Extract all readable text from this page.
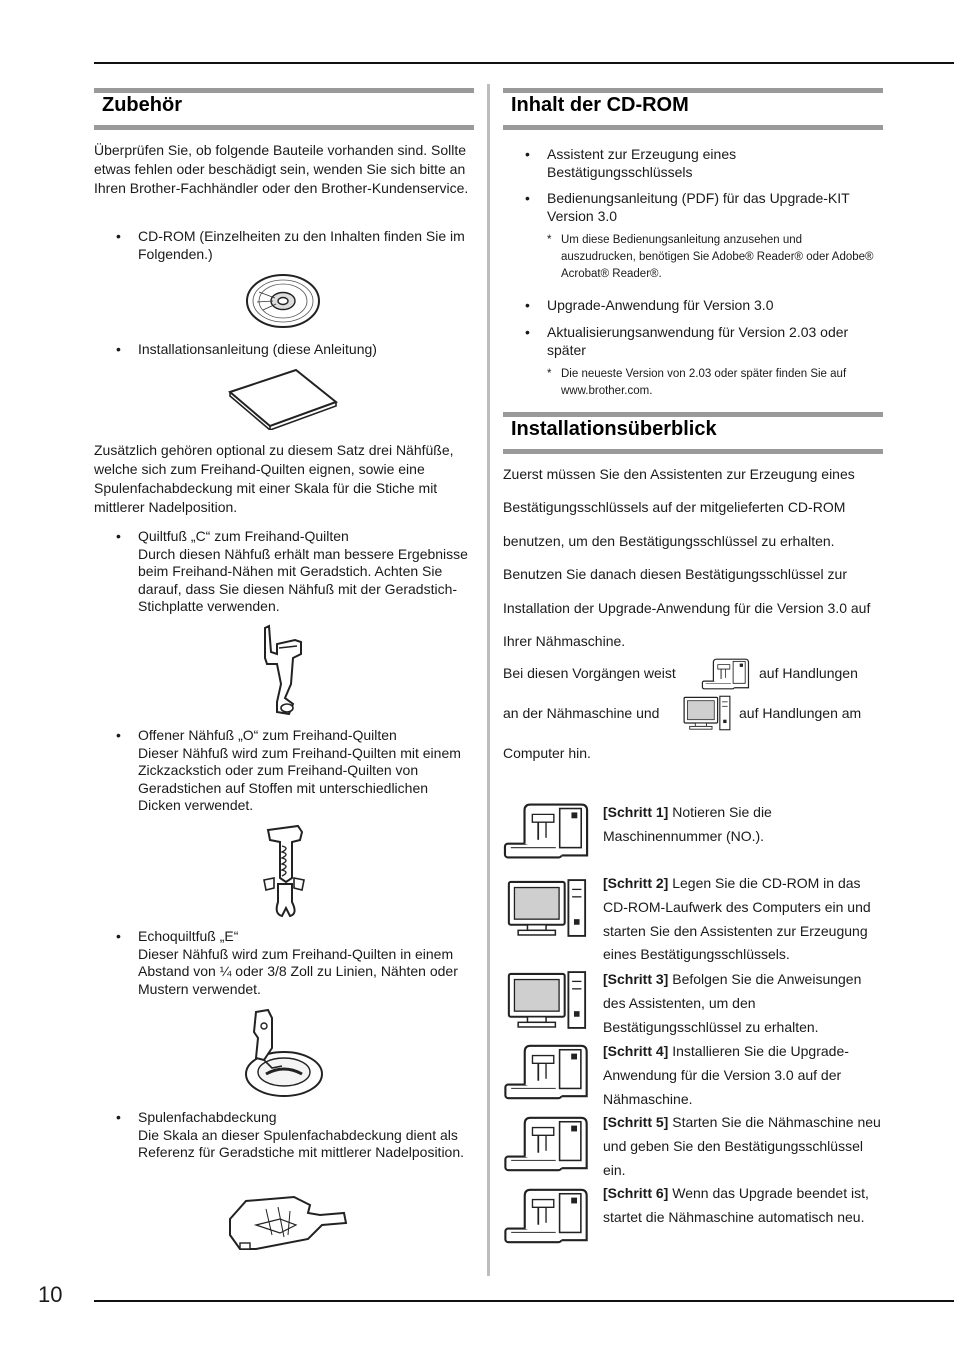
Zubehör
Überprüfen Sie, ob folgende Bauteile vorhanden sind. Sollte etwas fehlen oder beschädigt sein, wenden Sie sich bitte an Ihren Brother-Fachhändler oder den Brother-Kundenservice.
• CD-ROM (Einzelheiten zu den Inhalten finden Sie im Folgenden.)
• Installationsanleitung (diese Anleitung)
Zusätzlich gehören optional zu diesem Satz drei Nähfüße, welche sich zum Freihand-Quilten eignen, sowie eine Spulenfachabdeckung mit einer Skala für die Stiche mit mittlerer Nadelposition.
• Quiltfuß „C“ zum Freihand-Quilten
Durch diesen Nähfuß erhält man bessere Ergebnisse beim Freihand-Nähen mit Geradstich. Achten Sie darauf, dass Sie diesen Nähfuß mit der Geradstich-Stichplatte verwenden.
• Offener Nähfuß „O“ zum Freihand-Quilten
Dieser Nähfuß wird zum Freihand-Quilten mit einem Zickzackstich oder zum Freihand-Quilten von Geradstichen auf Stoffen mit unterschiedlichen Dicken verwendet.
• Echoquiltfuß „E“
Dieser Nähfuß wird zum Freihand-Quilten in einem Abstand von ¼ oder 3/8 Zoll zu Linien, Nähten oder Mustern verwendet.
• Spulenfachabdeckung
Die Skala an dieser Spulenfachabdeckung dient als Referenz für Geradstiche mit mittlerer Nadelposition.
Inhalt der CD-ROM
• Assistent zur Erzeugung eines Bestätigungsschlüssels
• Bedienungsanleitung (PDF) für das Upgrade-KIT Version 3.0
* Um diese Bedienungsanleitung anzusehen und auszudrucken, benötigen Sie Adobe® Reader® oder Adobe® Acrobat® Reader®.
• Upgrade-Anwendung für Version 3.0
• Aktualisierungsanwendung für Version 2.03 oder später
* Die neueste Version von 2.03 oder später finden Sie auf www.brother.com.
Installationsüberblick
Zuerst müssen Sie den Assistenten zur Erzeugung eines Bestätigungsschlüssels auf der mitgelieferten CD-ROM benutzen, um den Bestätigungsschlüssel zu erhalten. Benutzen Sie danach diesen Bestätigungsschlüssel zur Installation der Upgrade-Anwendung für die Version 3.0 auf Ihrer Nähmaschine.
Bei diesen Vorgängen weist	auf Handlungen
an der Nähmaschine und	auf Handlungen am
Computer hin.
[Schritt 1] Notieren Sie die Maschinennummer (NO.).
[Schritt 2] Legen Sie die CD-ROM in das CD-ROM-Laufwerk des Computers ein und starten Sie den Assistenten zur Erzeugung eines Bestätigungsschlüssels.
[Schritt 3] Befolgen Sie die Anweisungen des Assistenten, um den Bestätigungsschlüssel zu erhalten.
[Schritt 4] Installieren Sie die Upgrade-Anwendung für die Version 3.0 auf der Nähmaschine.
[Schritt 5] Starten Sie die Nähmaschine neu und geben Sie den Bestätigungsschlüssel ein.
[Schritt 6] Wenn das Upgrade beendet ist, startet die Nähmaschine automatisch neu.
10
